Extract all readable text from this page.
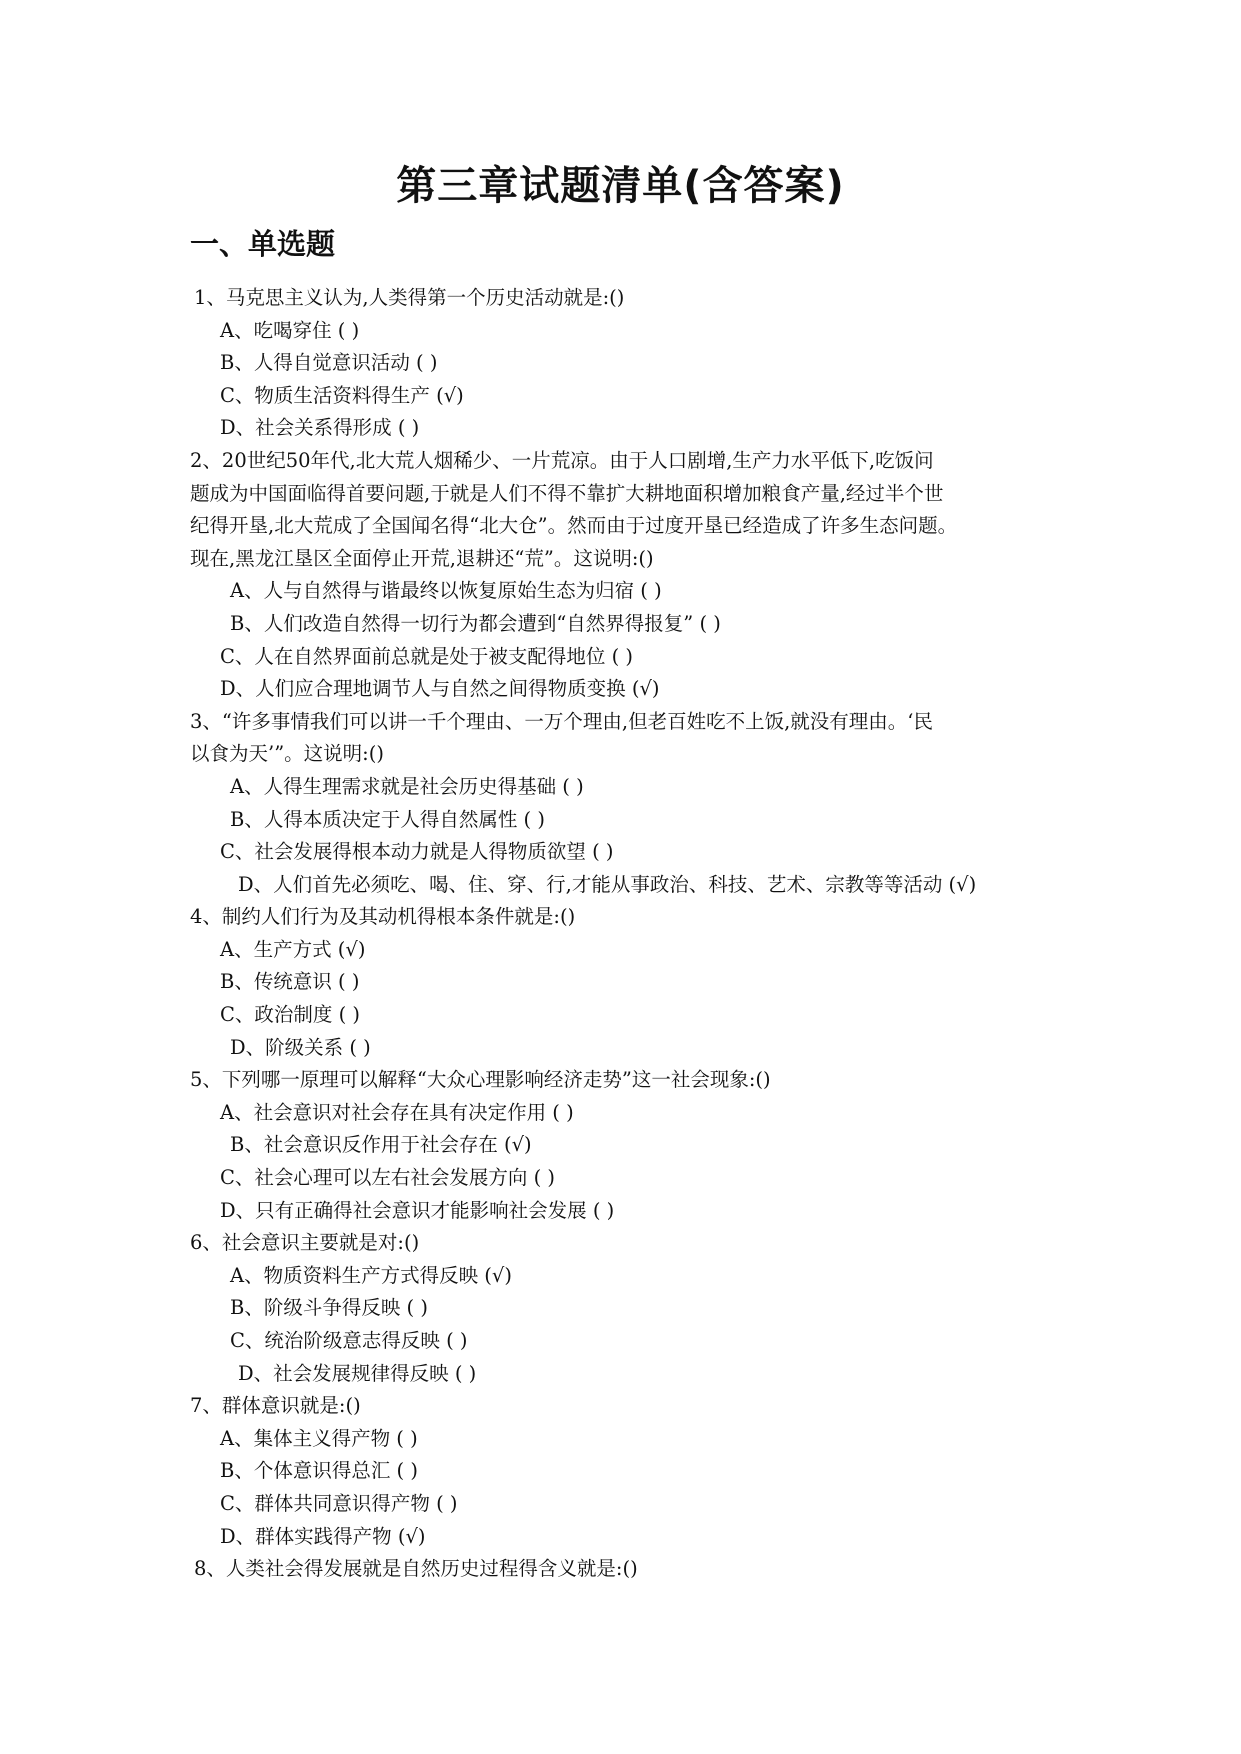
第三章试题清单(含答案)
一、单选题
1、马克思主义认为,人类得第一个历史活动就是:()
A、吃喝穿住 ( )
B、人得自觉意识活动 ( )
C、物质生活资料得生产 (√)
D、社会关系得形成 ( )
2、20世纪50年代,北大荒人烟稀少、一片荒凉。由于人口剧增,生产力水平低下,吃饭问
题成为中国面临得首要问题,于就是人们不得不靠扩大耕地面积增加粮食产量,经过半个世
纪得开垦,北大荒成了全国闻名得“北大仓”。然而由于过度开垦已经造成了许多生态问题。
现在,黑龙江垦区全面停止开荒,退耕还“荒”。这说明:()
A、人与自然得与谐最终以恢复原始生态为归宿 ( )
B、人们改造自然得一切行为都会遭到“自然界得报复” ( )
C、人在自然界面前总就是处于被支配得地位 ( )
D、人们应合理地调节人与自然之间得物质变换 (√)
3、“许多事情我们可以讲一千个理由、一万个理由,但老百姓吃不上饭,就没有理由。‘民
以食为天’”。这说明:()
A、人得生理需求就是社会历史得基础 ( )
B、人得本质决定于人得自然属性 ( )
C、社会发展得根本动力就是人得物质欲望 ( )
D、人们首先必须吃、喝、住、穿、行,才能从事政治、科技、艺术、宗教等等活动 (√)
4、制约人们行为及其动机得根本条件就是:()
A、生产方式 (√)
B、传统意识 ( )
C、政治制度 ( )
D、阶级关系 ( )
5、下列哪一原理可以解释“大众心理影响经济走势”这一社会现象:()
A、社会意识对社会存在具有决定作用 ( )
B、社会意识反作用于社会存在 (√)
C、社会心理可以左右社会发展方向 ( )
D、只有正确得社会意识才能影响社会发展 ( )
6、社会意识主要就是对:()
A、物质资料生产方式得反映 (√)
B、阶级斗争得反映 ( )
C、统治阶级意志得反映 ( )
D、社会发展规律得反映 ( )
7、群体意识就是:()
A、集体主义得产物 ( )
B、个体意识得总汇 ( )
C、群体共同意识得产物 ( )
D、群体实践得产物 (√)
8、人类社会得发展就是自然历史过程得含义就是:()
